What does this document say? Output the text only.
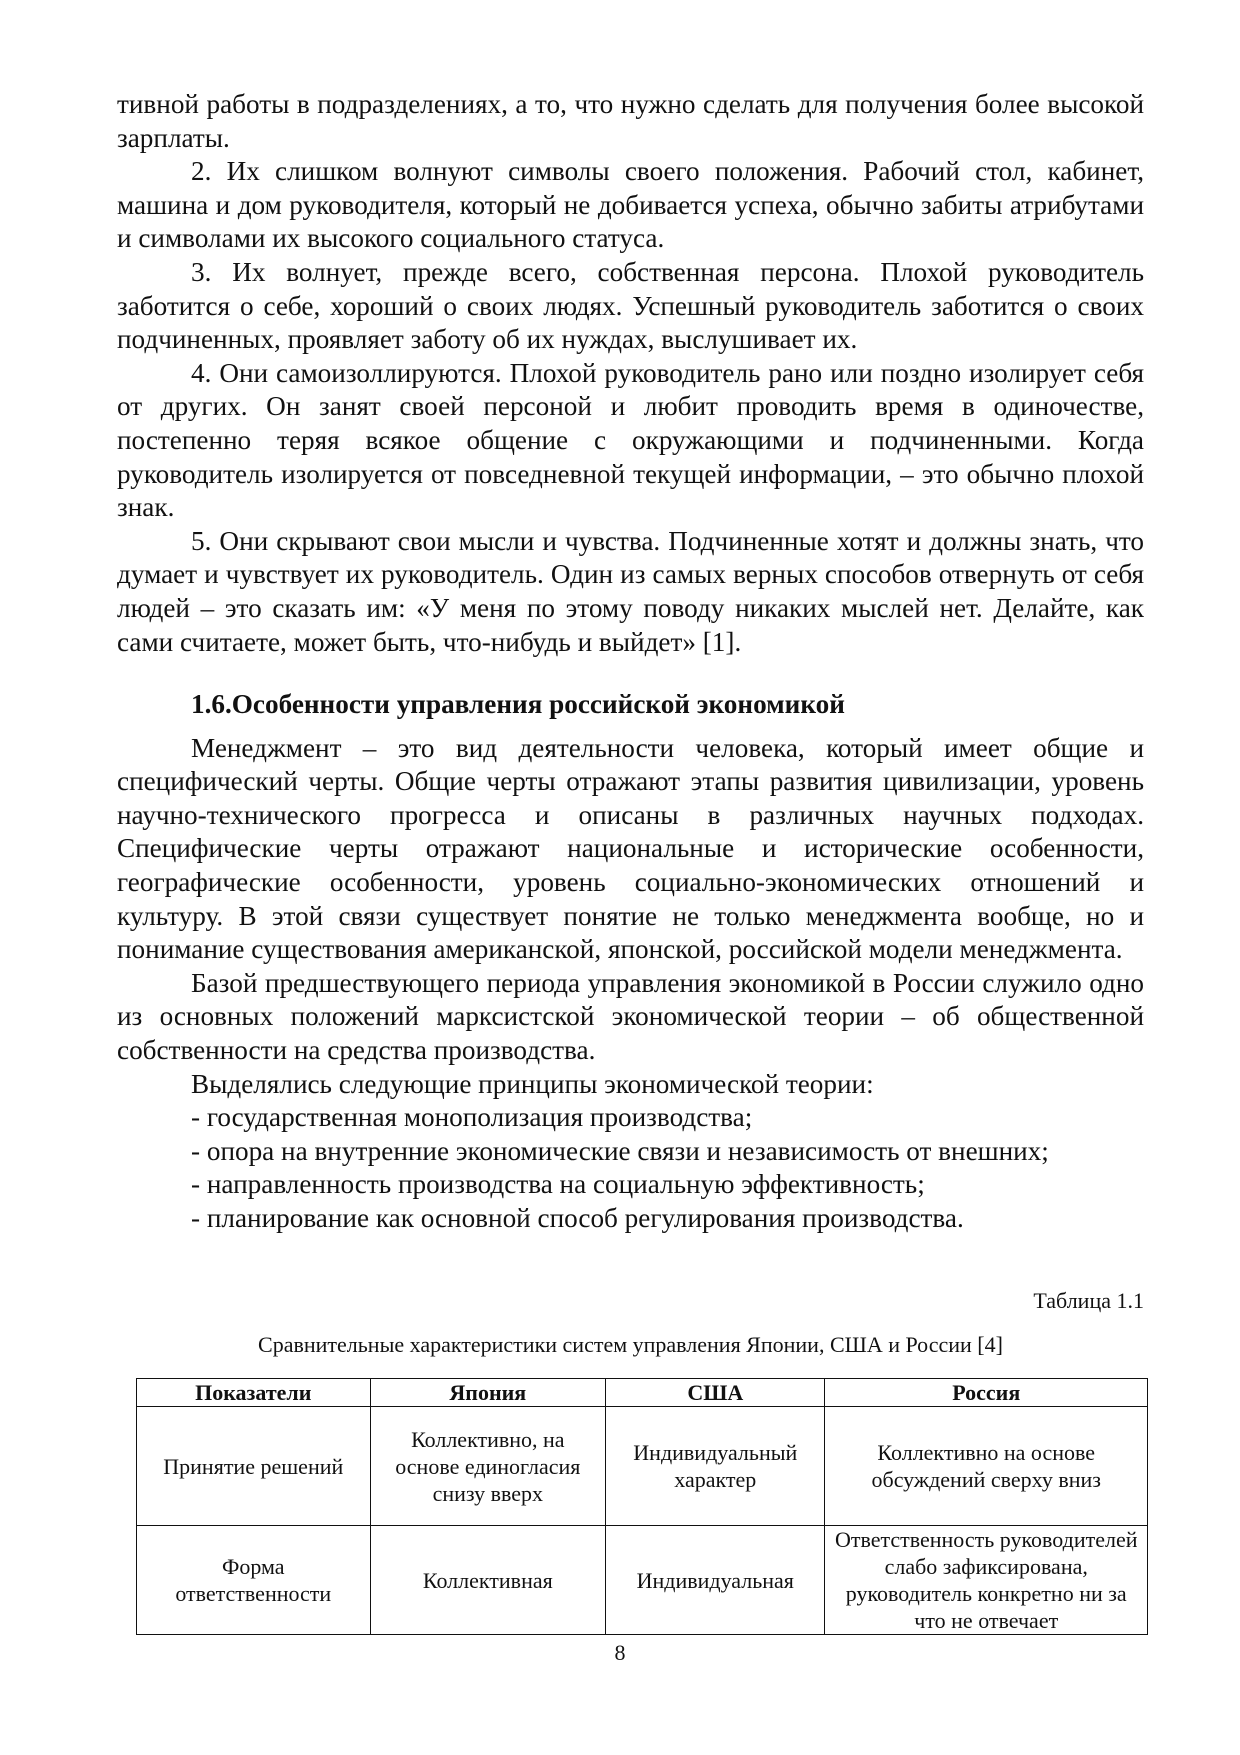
тивной работы в подразделениях, а то, что нужно сделать для получения более высокой зарплаты.

2. Их слишком волнуют символы своего положения. Рабочий стол, кабинет, машина и дом руководителя, который не добивается успеха, обычно забиты атрибутами и символами их высокого социального статуса.

3. Их волнует, прежде всего, собственная персона. Плохой руководитель заботится о себе, хороший о своих людях. Успешный руководитель заботится о своих подчиненных, проявляет заботу об их нуждах, выслушивает их.

4. Они самоизоллируются. Плохой руководитель рано или поздно изолирует себя от других. Он занят своей персоной и любит проводить время в одиночестве, постепенно теряя всякое общение с окружающими и подчиненными. Когда руководитель изолируется от повседневной текущей информации, – это обычно плохой знак.

5. Они скрывают свои мысли и чувства. Подчиненные хотят и должны знать, что думает и чувствует их руководитель. Один из самых верных способов отвернуть от себя людей – это сказать им: «У меня по этому поводу никаких мыслей нет. Делайте, как сами считаете, может быть, что-нибудь и выйдет» [1].

1.6.Особенности управления российской экономикой

Менеджмент – это вид деятельности человека, который имеет общие и специфический черты. Общие черты отражают этапы развития цивилизации, уровень научно-технического прогресса и описаны в различных научных подходах. Специфические черты отражают национальные и исторические особенности, географические особенности, уровень социально-экономических отношений и культуру. В этой связи существует понятие не только менеджмента вообще, но и понимание существования американской, японской, российской модели менеджмента.

Базой предшествующего периода управления экономикой в России служило одно из основных положений марксистской экономической теории – об общественной собственности на средства производства.

Выделялись следующие принципы экономической теории:

- государственная монополизация производства;

- опора на внутренние экономические связи и независимость от внешних;

- направленность производства на социальную эффективность;

- планирование как основной способ регулирования производства.

Таблица 1.1
Сравнительные характеристики систем управления Японии, США и России [4]
Показатели	Япония	США	Россия
Принятие решений	Коллективно, на основе единогласия снизу вверх	Индивидуальный характер	Коллективно на основе обсуждений сверху вниз
Форма ответственности	Коллективная	Индивидуальная	Ответственность руководителей слабо зафиксирована, руководитель конкретно ни за что не отвечает
8
